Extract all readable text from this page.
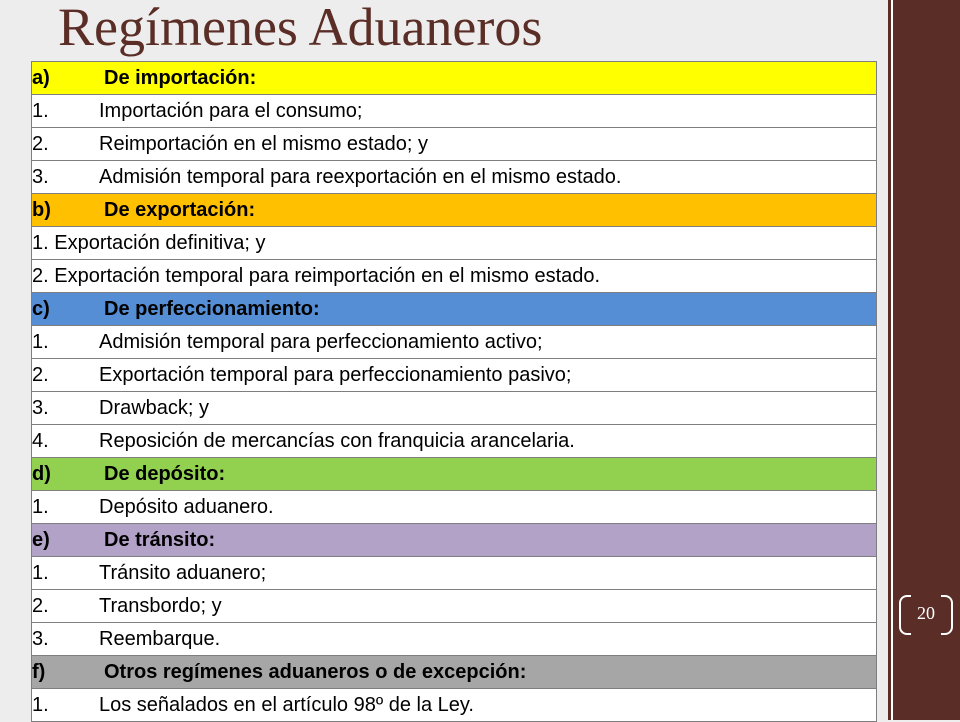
Regímenes Aduaneros
a)	De importación:
1.	Importación para el consumo;
2.	Reimportación en el mismo estado; y
3.	Admisión temporal para reexportación en el mismo estado.
b)	De exportación:
1. Exportación definitiva; y
2. Exportación temporal para reimportación en el mismo estado.
c)	De perfeccionamiento:
1.	Admisión temporal para perfeccionamiento activo;
2.	Exportación temporal para perfeccionamiento pasivo;
3.	Drawback; y
4.	Reposición de mercancías con franquicia arancelaria.
d)	De depósito:
1.	Depósito aduanero.
e)	De tránsito:
1.	Tránsito aduanero;
2.	Transbordo; y
3.	Reembarque.
f)	Otros regímenes aduaneros o de excepción:
1.	Los señalados en el artículo 98º de la Ley.
Mag. Javier Oyarse
20
